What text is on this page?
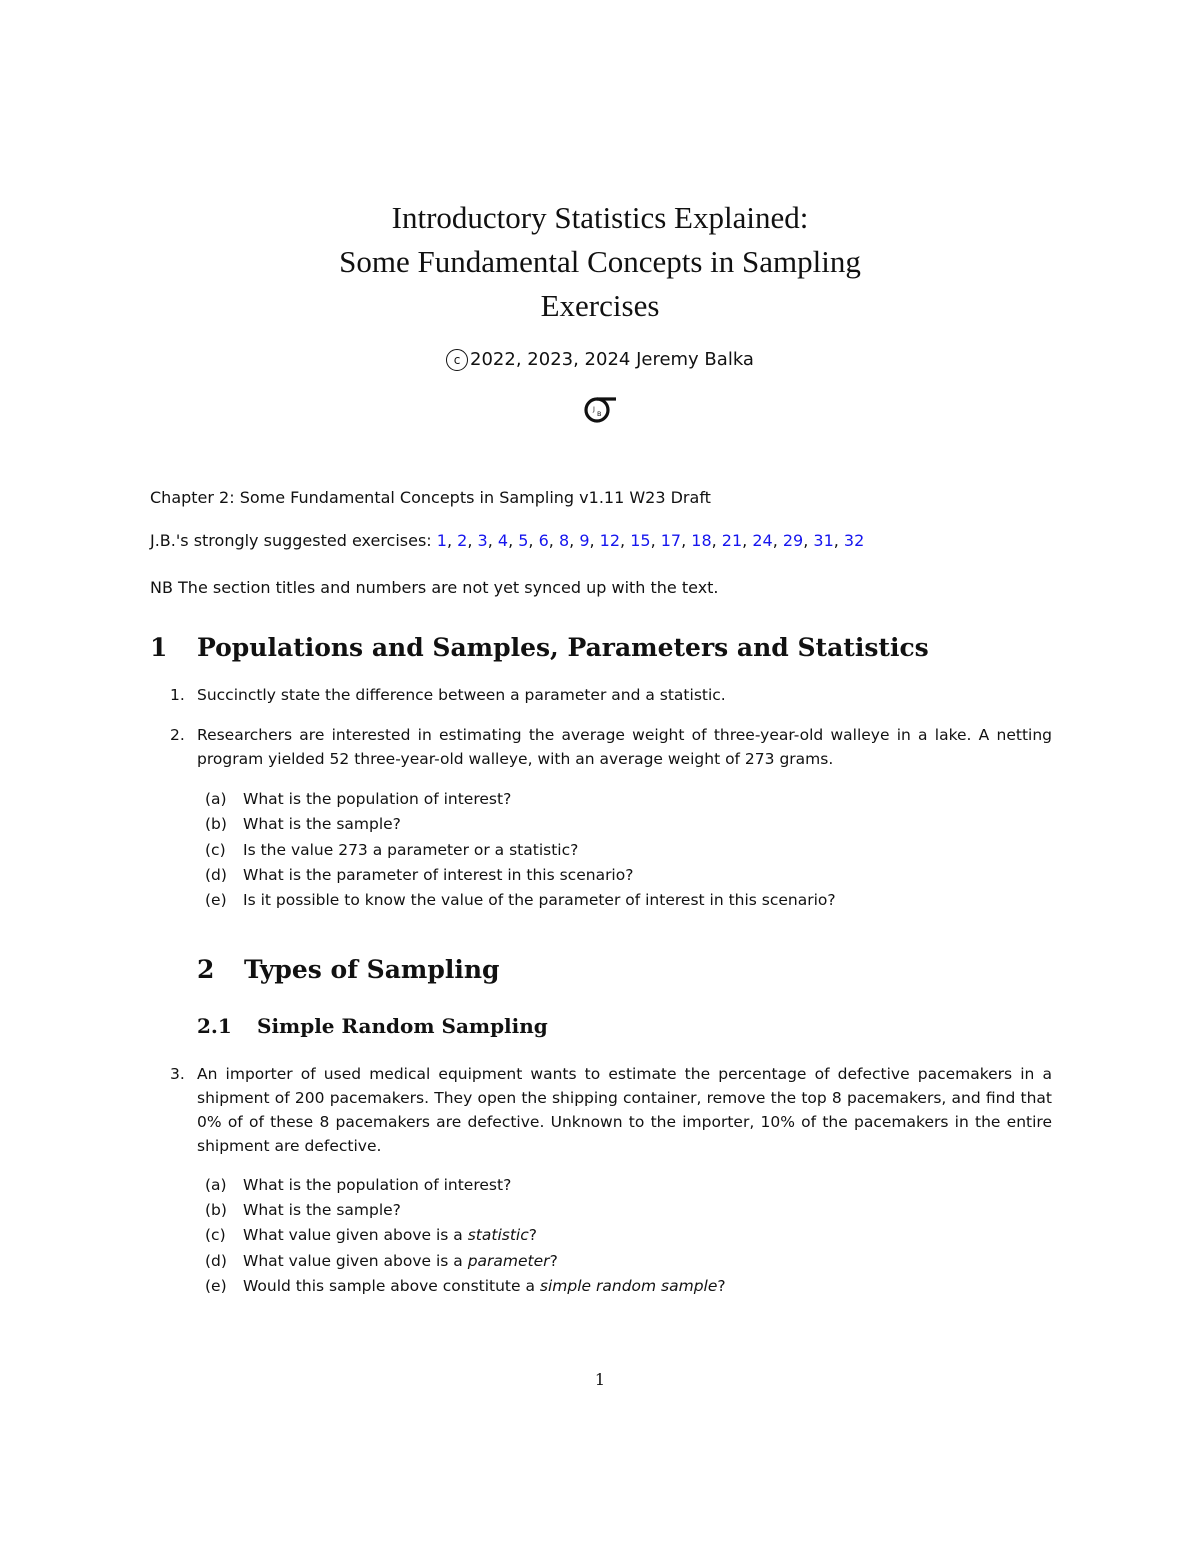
Introductory Statistics Explained:
Some Fundamental Concepts in Sampling
Exercises
c 2022, 2023, 2024 Jeremy Balka
J
B
Chapter 2: Some Fundamental Concepts in Sampling v1.11 W23 Draft
J.B.'s strongly suggested exercises: 1, 2, 3, 4, 5, 6, 8, 9, 12, 15, 17, 18, 21, 24, 29, 31, 32
NB The section titles and numbers are not yet synced up with the text.
1 Populations and Samples, Parameters and Statistics
1. Succinctly state the difference between a parameter and a statistic.
2. Researchers are interested in estimating the average weight of three-year-old walleye in a lake. A netting program yielded 52 three-year-old walleye, with an average weight of 273 grams.
(a) What is the population of interest?
(b) What is the sample?
(c) Is the value 273 a parameter or a statistic?
(d) What is the parameter of interest in this scenario?
(e) Is it possible to know the value of the parameter of interest in this scenario?
2 Types of Sampling
2.1 Simple Random Sampling
3. An importer of used medical equipment wants to estimate the percentage of defective pacemakers in a shipment of 200 pacemakers. They open the shipping container, remove the top 8 pacemakers, and find that 0% of of these 8 pacemakers are defective. Unknown to the importer, 10% of the pacemakers in the entire shipment are defective.
(a) What is the population of interest?
(b) What is the sample?
(c) What value given above is a statistic?
(d) What value given above is a parameter?
(e) Would this sample above constitute a simple random sample?
1
